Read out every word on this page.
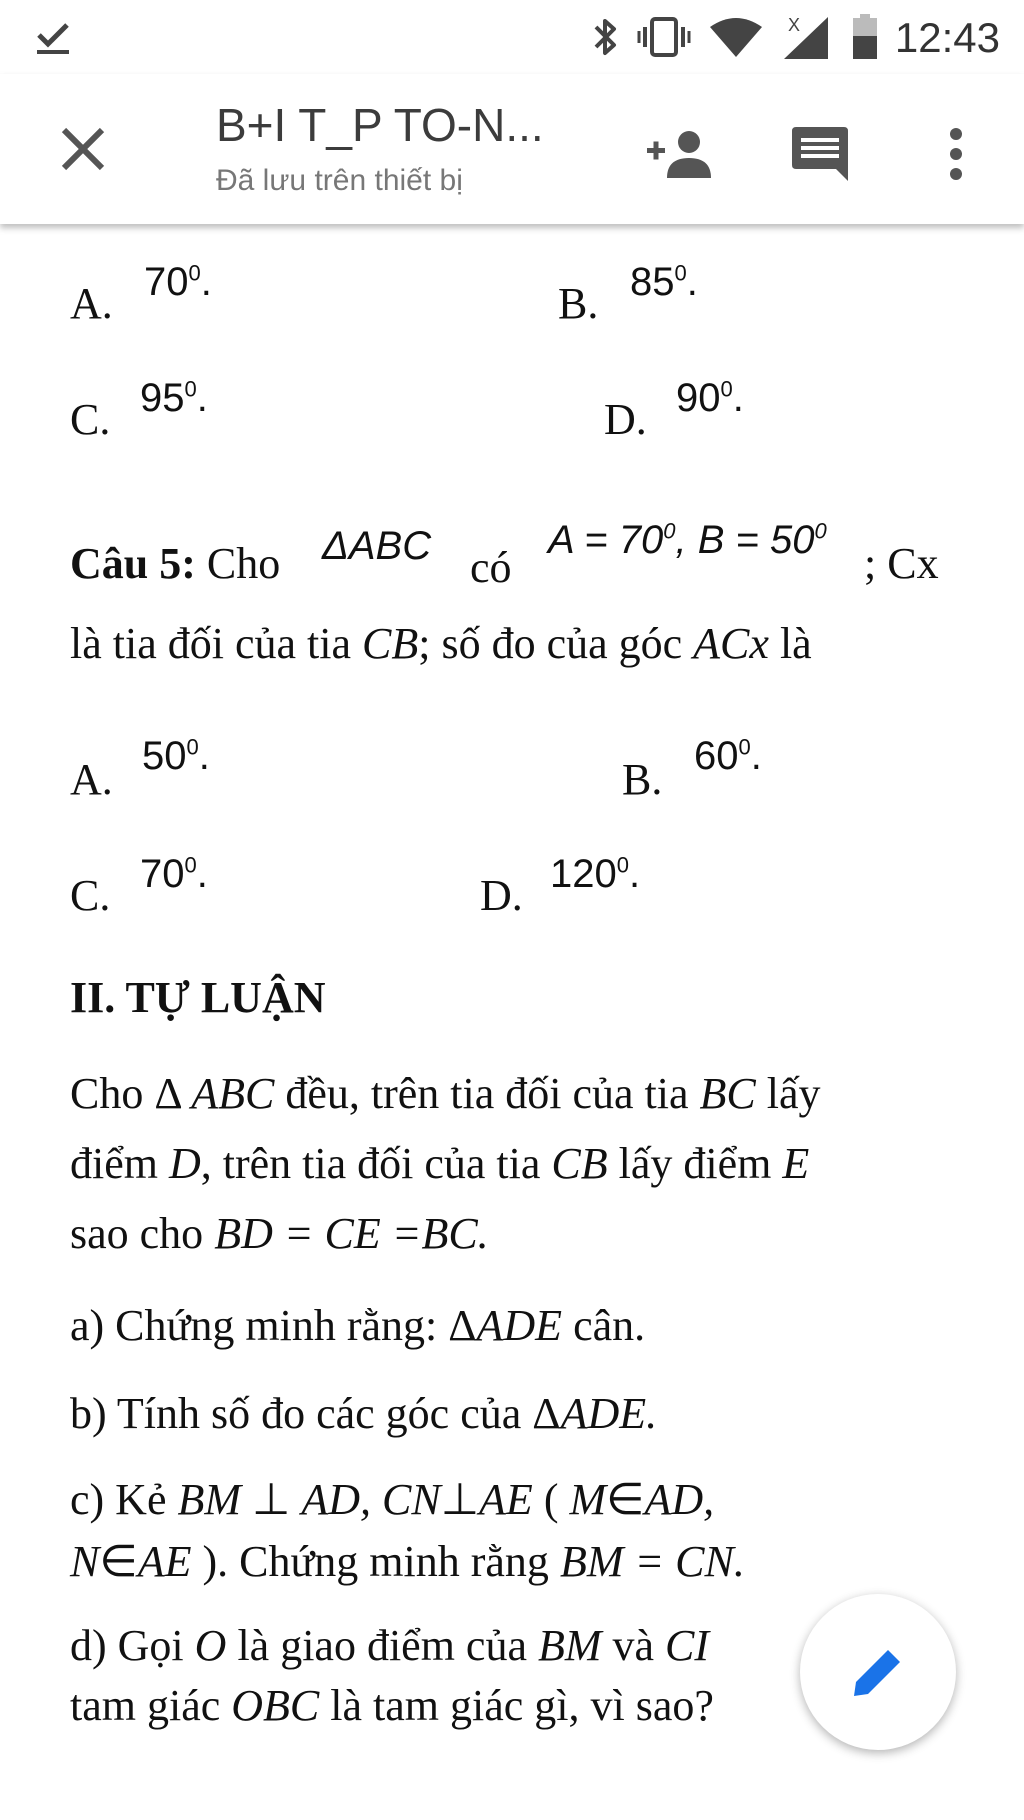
X 12:43
B+I T_P TO-N...
Đã lưu trên thiết bị
A. $70^0$.	B. $85^0$.
C. $95^0$.	D. $90^0$.
Câu 5: Cho ΔABC có
$A = 70^0$, $B = 50^0$
; Cx
là tia đối của tia CB; số đo của góc ACx là
A. $50^0$.	B. $60^0$.
C. $70^0$.	D. $120^0$.
II. TỰ LUẬN
Cho Δ ABC đều, trên tia đối của tia BC lấy
điểm D, trên tia đối của tia CB lấy điểm E
sao cho BD = CE =BC.
a) Chứng minh rằng: ΔADE cân.
b) Tính số đo các góc của ΔADE.
c) Kẻ BM ⊥ AD, CN⊥AE ( M∈AD,
N∈AE ). Chứng minh rằng BM = CN.
d) Gọi O là giao điểm của BM và CI
tam giác OBC là tam giác gì, vì sao?
